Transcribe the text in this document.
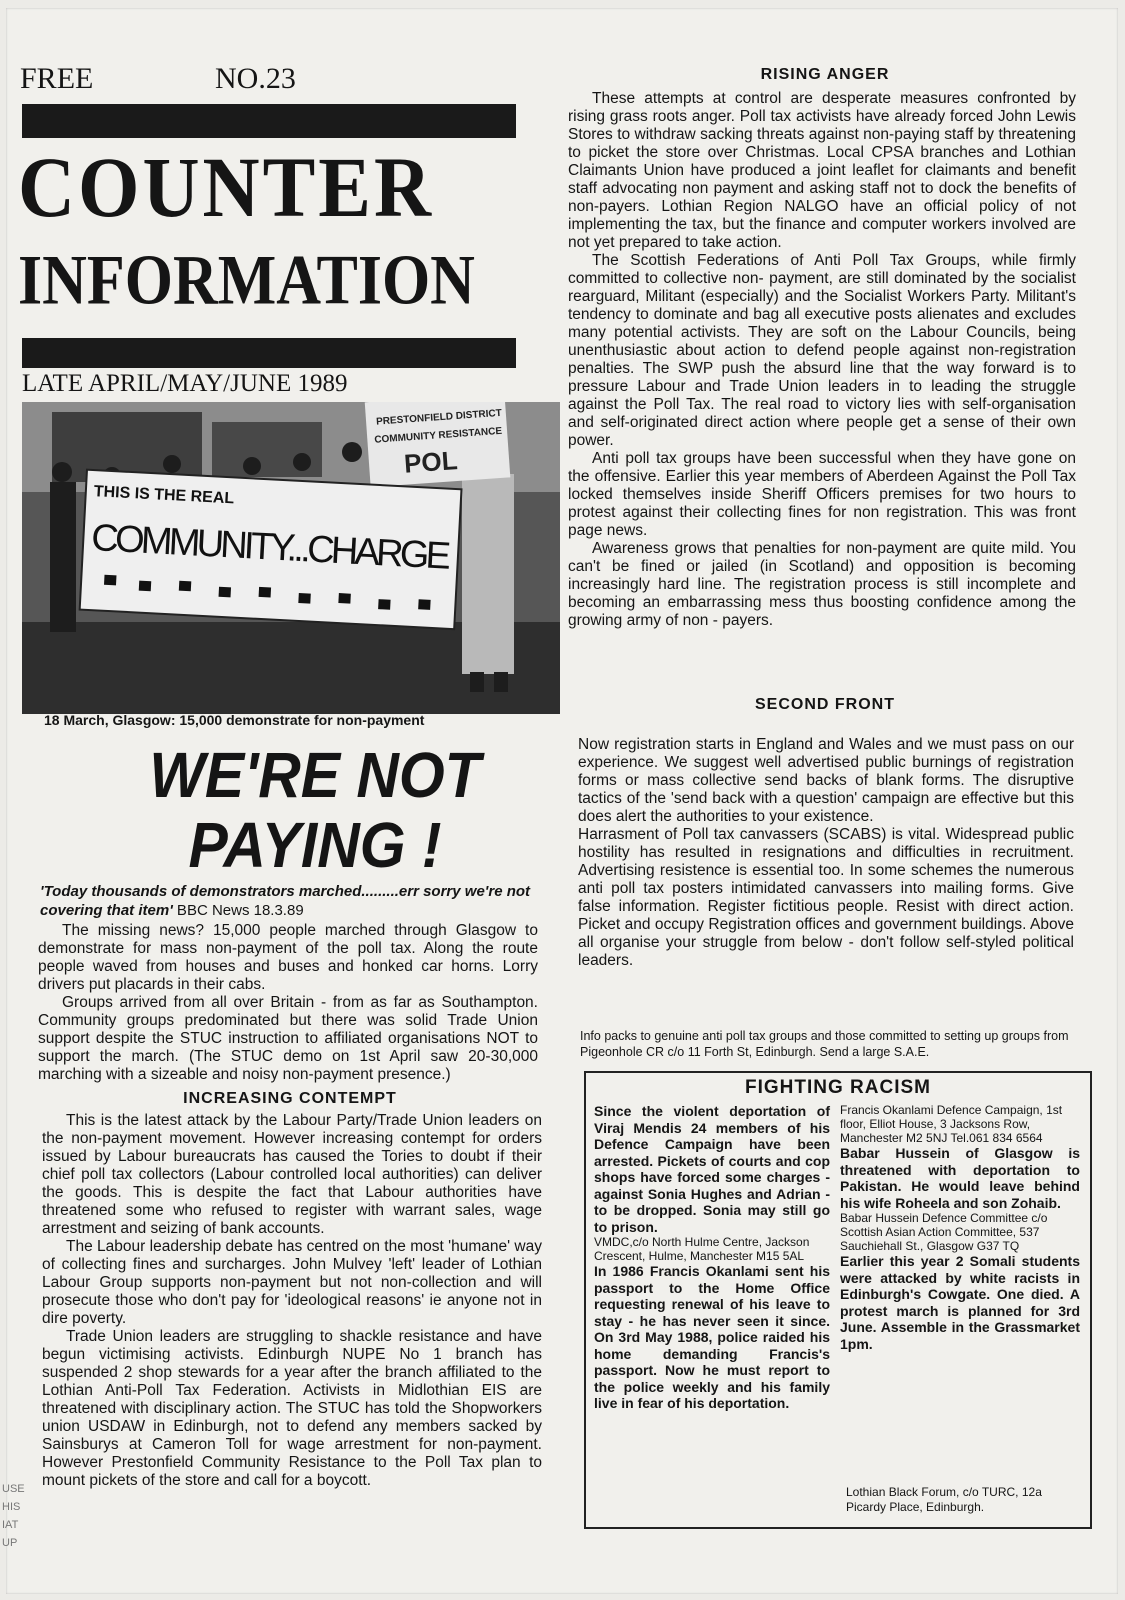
FREE	NO.23
COUNTER
INFORMATION
LATE APRIL/MAY/JUNE 1989
PRESTONFIELD DISTRICT
COMMUNITY RESISTANCE
POL
THIS IS THE REAL
COMMUNITY...CHARGE
18 March, Glasgow: 15,000 demonstrate for non-payment
WE'RE NOT
PAYING !
'Today thousands of demonstrators marched.........err sorry we're not covering that item' BBC News 18.3.89

The missing news? 15,000 people marched through Glasgow to demonstrate for mass non-payment of the poll tax. Along the route people waved from houses and buses and honked car horns. Lorry drivers put placards in their cabs.

Groups arrived from all over Britain - from as far as Southampton. Community groups predominated but there was solid Trade Union support despite the STUC instruction to affiliated organisations NOT to support the march. (The STUC demo on 1st April saw 20-30,000 marching with a sizeable and noisy non-payment presence.)

INCREASING CONTEMPT

This is the latest attack by the Labour Party/Trade Union leaders on the non-payment movement. However increasing contempt for orders issued by Labour bureaucrats has caused the Tories to doubt if their chief poll tax collectors (Labour controlled local authorities) can deliver the goods. This is despite the fact that Labour authorities have threatened some who refused to register with warrant sales, wage arrestment and seizing of bank accounts.

The Labour leadership debate has centred on the most 'humane' way of collecting fines and surcharges. John Mulvey 'left' leader of Lothian Labour Group supports non-payment but not non-collection and will prosecute those who don't pay for 'ideological reasons' ie anyone not in dire poverty.

Trade Union leaders are struggling to shackle resistance and have begun victimising activists. Edinburgh NUPE No 1 branch has suspended 2 shop stewards for a year after the branch affiliated to the Lothian Anti-Poll Tax Federation. Activists in Midlothian EIS are threatened with disciplinary action. The STUC has told the Shopworkers union USDAW in Edinburgh, not to defend any members sacked by Sainsburys at Cameron Toll for wage arrestment for non-payment. However Prestonfield Community Resistance to the Poll Tax plan to mount pickets of the store and call for a boycott.

RISING ANGER

These attempts at control are desperate measures confronted by rising grass roots anger. Poll tax activists have already forced John Lewis Stores to withdraw sacking threats against non-paying staff by threatening to picket the store over Christmas. Local CPSA branches and Lothian Claimants Union have produced a joint leaflet for claimants and benefit staff advocating non payment and asking staff not to dock the benefits of non-payers. Lothian Region NALGO have an official policy of not implementing the tax, but the finance and computer workers involved are not yet prepared to take action.

The Scottish Federations of Anti Poll Tax Groups, while firmly committed to collective non- payment, are still dominated by the socialist rearguard, Militant (especially) and the Socialist Workers Party. Militant's tendency to dominate and bag all executive posts alienates and excludes many potential activists. They are soft on the Labour Councils, being unenthusiastic about action to defend people against non-registration penalties. The SWP push the absurd line that the way forward is to pressure Labour and Trade Union leaders in to leading the struggle against the Poll Tax. The real road to victory lies with self-organisation and self-originated direct action where people get a sense of their own power.

Anti poll tax groups have been successful when they have gone on the offensive. Earlier this year members of Aberdeen Against the Poll Tax locked themselves inside Sheriff Officers premises for two hours to protest against their collecting fines for non registration. This was front page news.

Awareness grows that penalties for non-payment are quite mild. You can't be fined or jailed (in Scotland) and opposition is becoming increasingly hard line. The registration process is still incomplete and becoming an embarrassing mess thus boosting confidence among the growing army of non - payers.

SECOND FRONT

Now registration starts in England and Wales and we must pass on our experience. We suggest well advertised public burnings of registration forms or mass collective send backs of blank forms. The disruptive tactics of the 'send back with a question' campaign are effective but this does alert the authorities to your existence.

Harrasment of Poll tax canvassers (SCABS) is vital. Widespread public hostility has resulted in resignations and difficulties in recruitment. Advertising resistence is essential too. In some schemes the numerous anti poll tax posters intimidated canvassers into mailing forms. Give false information. Register fictitious people. Resist with direct action. Picket and occupy Registration offices and government buildings. Above all organise your struggle from below - don't follow self-styled political leaders.

Info packs to genuine anti poll tax groups and those committed to setting up groups from Pigeonhole CR c/o 11 Forth St, Edinburgh. Send a large S.A.E.
FIGHTING RACISM

Since the violent deportation of Viraj Mendis 24 members of his Defence Campaign have been arrested. Pickets of courts and cop shops have forced some charges - against Sonia Hughes and Adrian - to be dropped. Sonia may still go to prison.

VMDC,c/o North Hulme Centre, Jackson Crescent, Hulme, Manchester M15 5AL

In 1986 Francis Okanlami sent his passport to the Home Office requesting renewal of his leave to stay - he has never seen it since. On 3rd May 1988, police raided his home demanding Francis's passport. Now he must report to the police weekly and his family live in fear of his deportation.

Francis Okanlami Defence Campaign, 1st floor, Elliot House, 3 Jacksons Row, Manchester M2 5NJ Tel.061 834 6564

Babar Hussein of Glasgow is threatened with deportation to Pakistan. He would leave behind his wife Roheela and son Zohaib.

Babar Hussein Defence Committee c/o Scottish Asian Action Committee, 537 Sauchiehall St., Glasgow G37 TQ

Earlier this year 2 Somali students were attacked by white racists in Edinburgh's Cowgate. One died. A protest march is planned for 3rd June. Assemble in the Grassmarket 1pm.

Lothian Black Forum, c/o TURC, 12a Picardy Place, Edinburgh.
USE
HIS
IAT
UP
